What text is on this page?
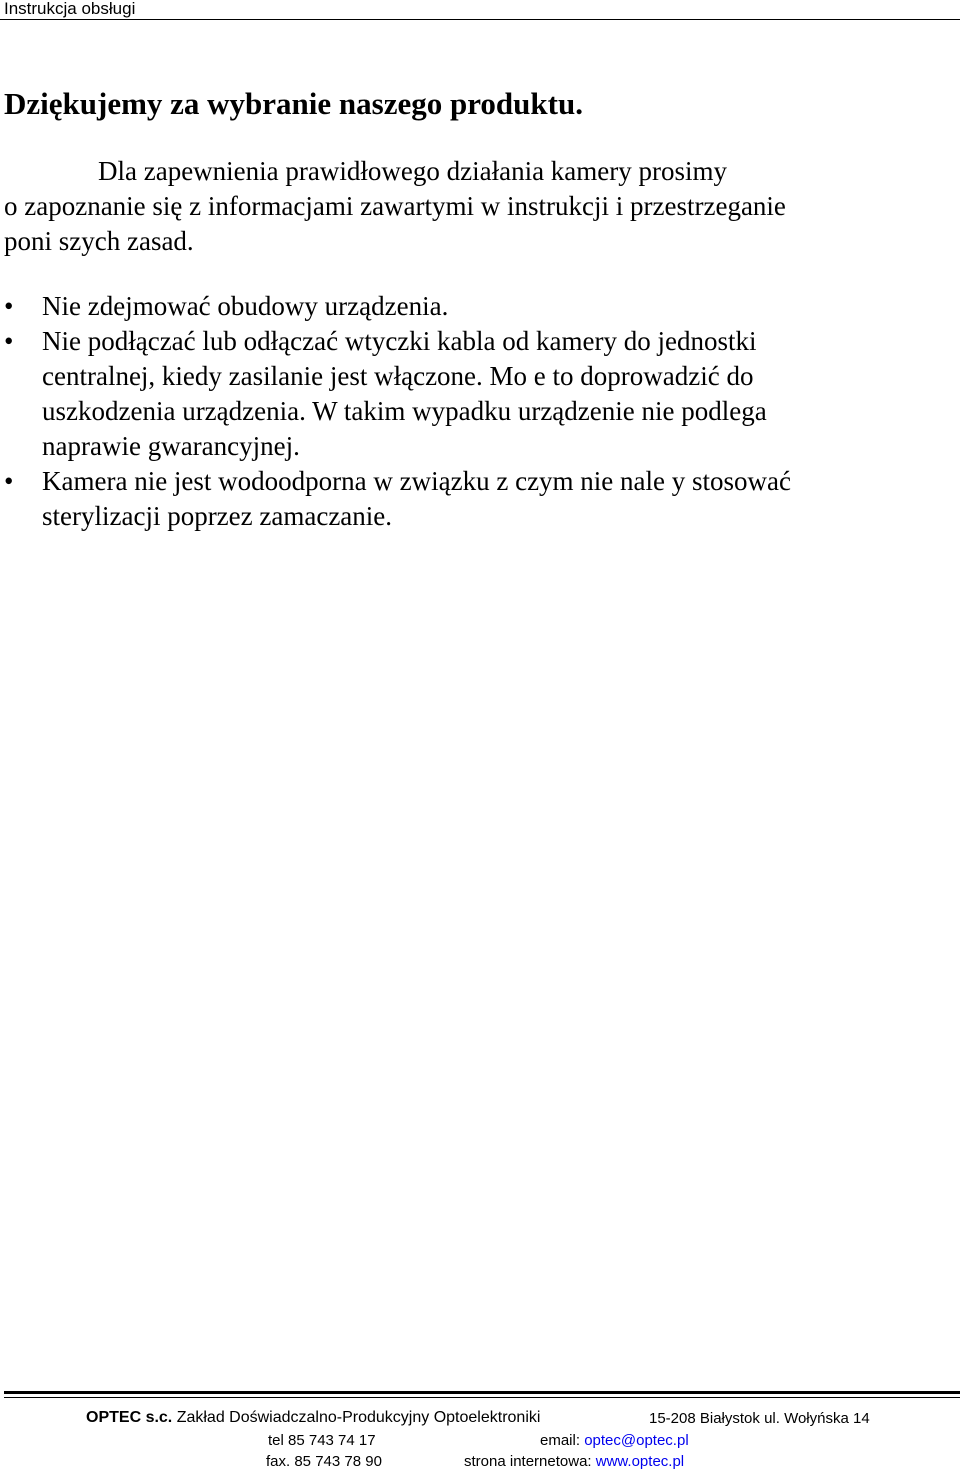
Instrukcja obsługi
Dziękujemy za wybranie naszego produktu.

Dla zapewnienia prawidłowego działania kamery prosimy
o zapoznanie się z informacjami zawartymi w instrukcji i przestrzeganie
poni szych zasad.

•	Nie zdejmować obudowy urządzenia.
•	Nie podłączać lub odłączać wtyczki kabla od kamery do jednostki
centralnej, kiedy zasilanie jest włączone. Mo e to doprowadzić do
uszkodzenia urządzenia. W takim wypadku urządzenie nie podlega
naprawie gwarancyjnej.
•	Kamera nie jest wodoodporna w związku z czym nie nale y stosować
sterylizacji poprzez zamaczanie.
OPTEC s.c. Zakład Doświadczalno-Produkcyjny Optoelektroniki	15-208 Białystok ul. Wołyńska 14
tel 85 743 74 17	email: optec@optec.pl
fax. 85 743 78 90	strona internetowa: www.optec.pl
